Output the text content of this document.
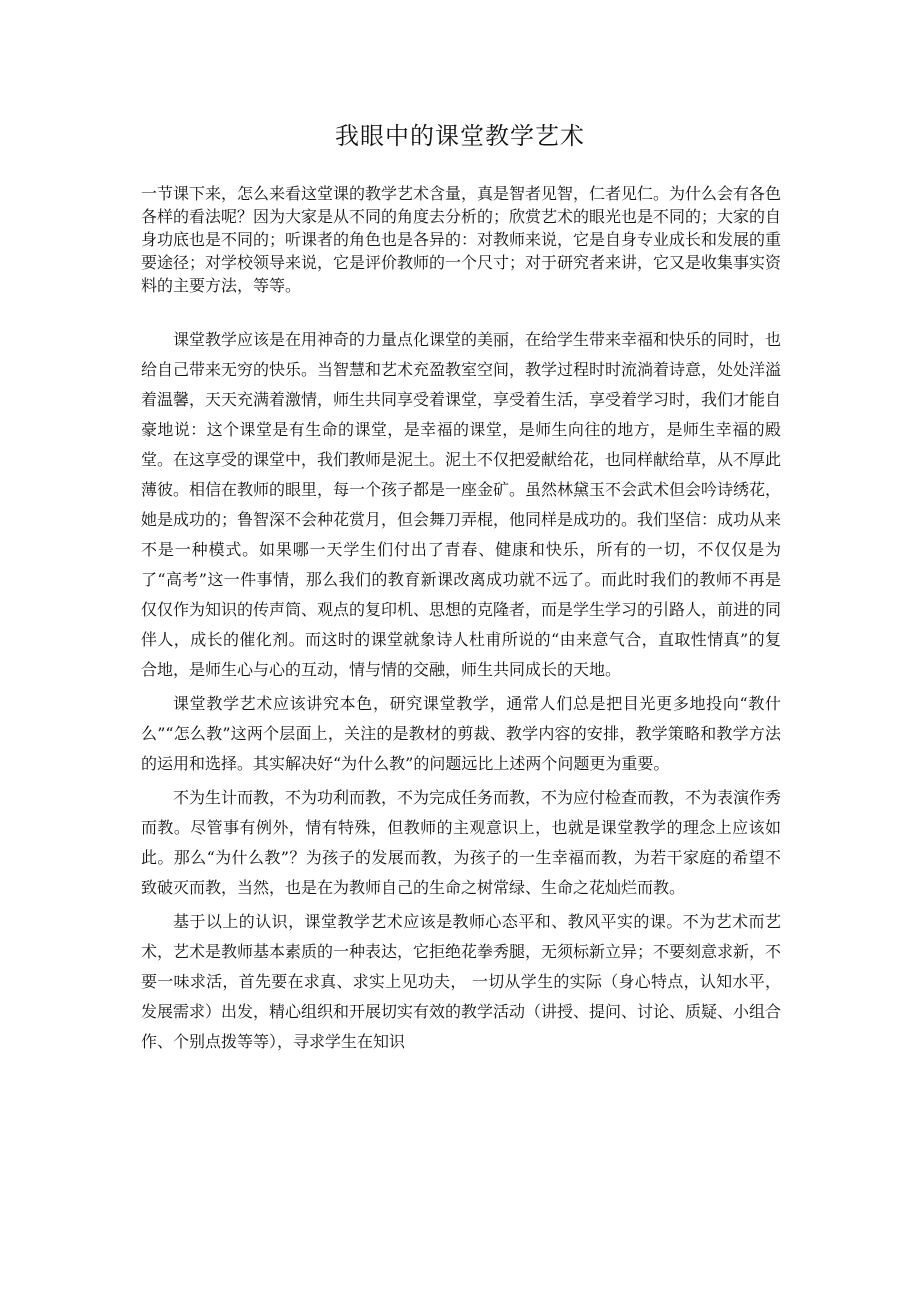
我眼中的课堂教学艺术

一节课下来，怎么来看这堂课的教学艺术含量，真是智者见智，仁者见仁。为什么会有各色各样的看法呢？因为大家是从不同的角度去分析的；欣赏艺术的眼光也是不同的；大家的自身功底也是不同的；听课者的角色也是各异的：对教师来说，它是自身专业成长和发展的重要途径；对学校领导来说，它是评价教师的一个尺寸；对于研究者来讲，它又是收集事实资料的主要方法，等等。

课堂教学应该是在用神奇的力量点化课堂的美丽，在给学生带来幸福和快乐的同时，也给自己带来无穷的快乐。当智慧和艺术充盈教室空间，教学过程时时流淌着诗意，处处洋溢着温馨，天天充满着激情，师生共同享受着课堂，享受着生活，享受着学习时，我们才能自豪地说：这个课堂是有生命的课堂，是幸福的课堂，是师生向往的地方，是师生幸福的殿堂。在这享受的课堂中，我们教师是泥土。泥土不仅把爱献给花，也同样献给草，从不厚此薄彼。相信在教师的眼里，每一个孩子都是一座金矿。虽然林黛玉不会武术但会吟诗绣花，她是成功的；鲁智深不会种花赏月，但会舞刀弄棍，他同样是成功的。我们坚信：成功从来不是一种模式。如果哪一天学生们付出了青春、健康和快乐，所有的一切，不仅仅是为了“高考”这一件事情，那么我们的教育新课改离成功就不远了。而此时我们的教师不再是仅仅作为知识的传声筒、观点的复印机、思想的克隆者，而是学生学习的引路人，前进的同伴人，成长的催化剂。而这时的课堂就象诗人杜甫所说的“由来意气合，直取性情真”的复合地，是师生心与心的互动，情与情的交融，师生共同成长的天地。

课堂教学艺术应该讲究本色，研究课堂教学，通常人们总是把目光更多地投向“教什么”“怎么教”这两个层面上，关注的是教材的剪裁、教学内容的安排，教学策略和教学方法的运用和选择。其实解决好“为什么教”的问题远比上述两个问题更为重要。

不为生计而教，不为功利而教，不为完成任务而教，不为应付检查而教，不为表演作秀而教。尽管事有例外，情有特殊，但教师的主观意识上，也就是课堂教学的理念上应该如此。那么“为什么教”？为孩子的发展而教，为孩子的一生幸福而教，为若干家庭的希望不致破灭而教，当然，也是在为教师自己的生命之树常绿、生命之花灿烂而教。

基于以上的认识，课堂教学艺术应该是教师心态平和、教风平实的课。不为艺术而艺术，艺术是教师基本素质的一种表达，它拒绝花拳秀腿，无须标新立异；不要刻意求新，不要一味求活，首先要在求真、求实上见功夫， 一切从学生的实际（身心特点，认知水平，发展需求）出发，精心组织和开展切实有效的教学活动（讲授、提问、讨论、质疑、小组合作、个别点拨等等），寻求学生在知识
